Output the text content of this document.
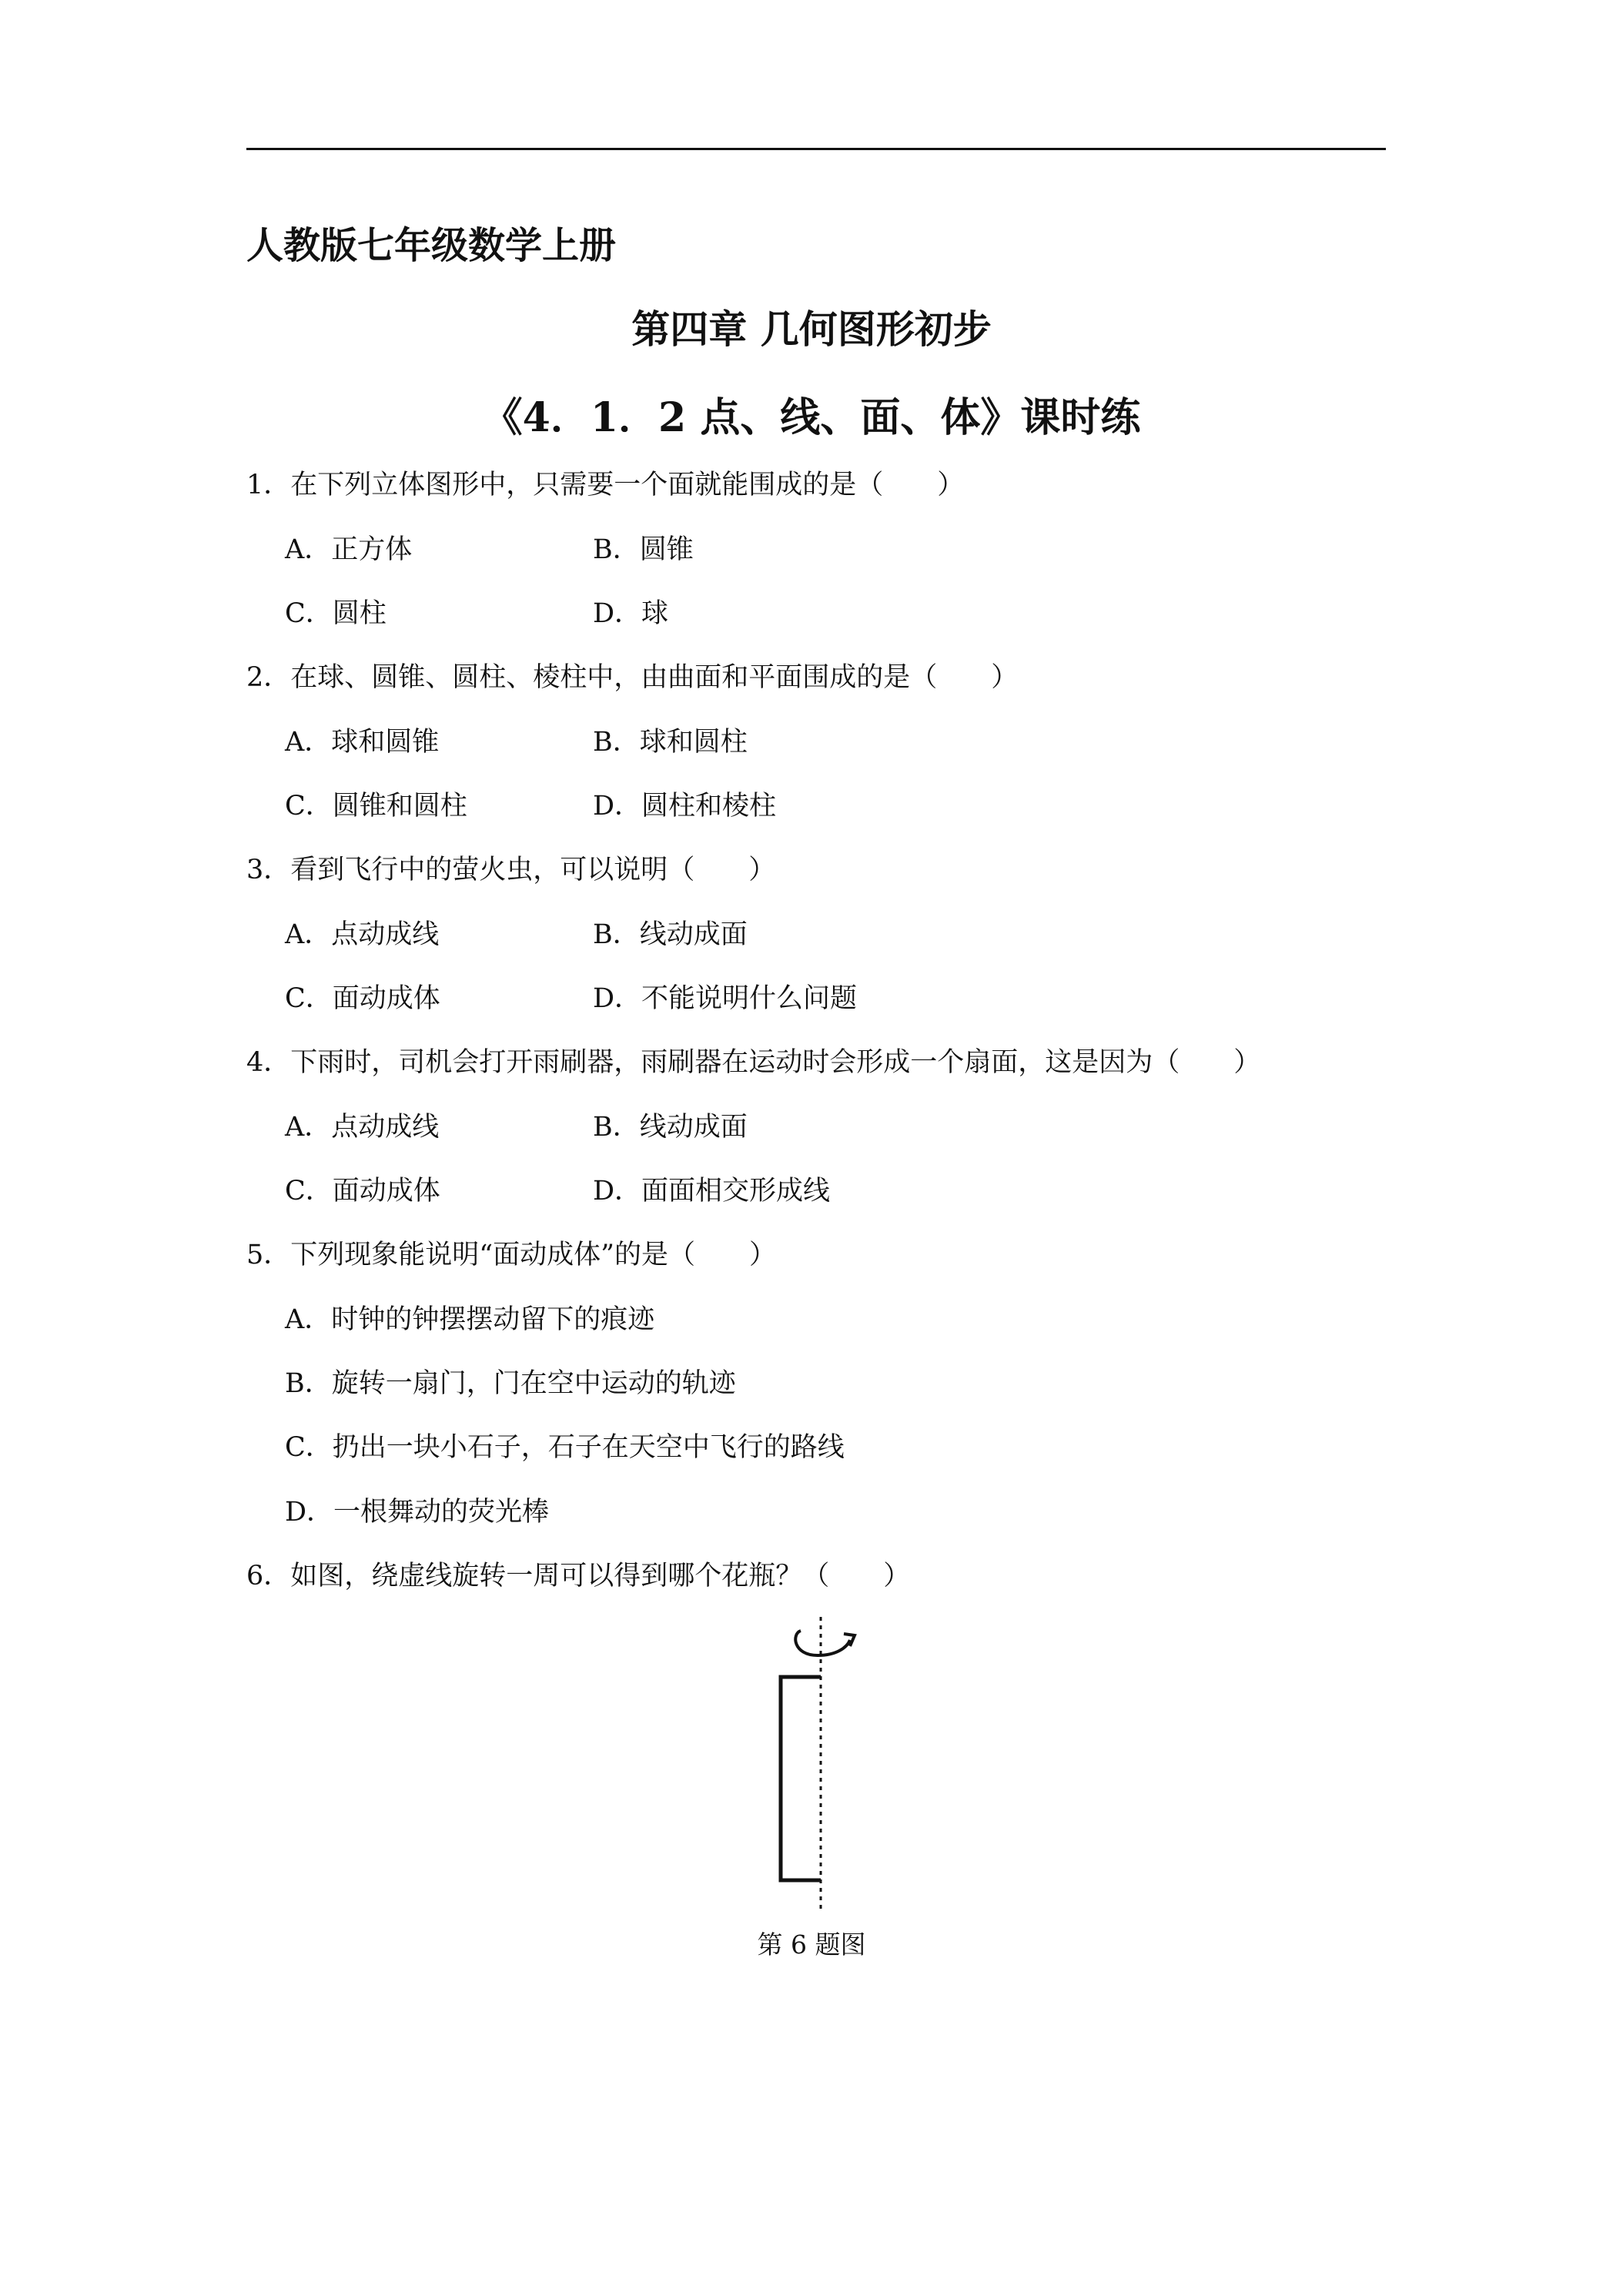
人教版七年级数学上册
第四章 几何图形初步
《4．1．2 点、线、面、体》课时练
1．在下列立体图形中，只需要一个面就能围成的是（　　）
A．正方体	B．圆锥
C．圆柱	D．球
2．在球、圆锥、圆柱、棱柱中，由曲面和平面围成的是（　　）
A．球和圆锥	B．球和圆柱
C．圆锥和圆柱	D．圆柱和棱柱
3．看到飞行中的萤火虫，可以说明（　　）
A．点动成线	B．线动成面
C．面动成体	D．不能说明什么问题
4．下雨时，司机会打开雨刷器，雨刷器在运动时会形成一个扇面，这是因为（　　）
A．点动成线	B．线动成面
C．面动成体	D．面面相交形成线
5．下列现象能说明“面动成体”的是（　　）
A．时钟的钟摆摆动留下的痕迹
B．旋转一扇门，门在空中运动的轨迹
C．扔出一块小石子，石子在天空中飞行的路线
D．一根舞动的荧光棒
6．如图，绕虚线旋转一周可以得到哪个花瓶？（　　）
第 6 题图
